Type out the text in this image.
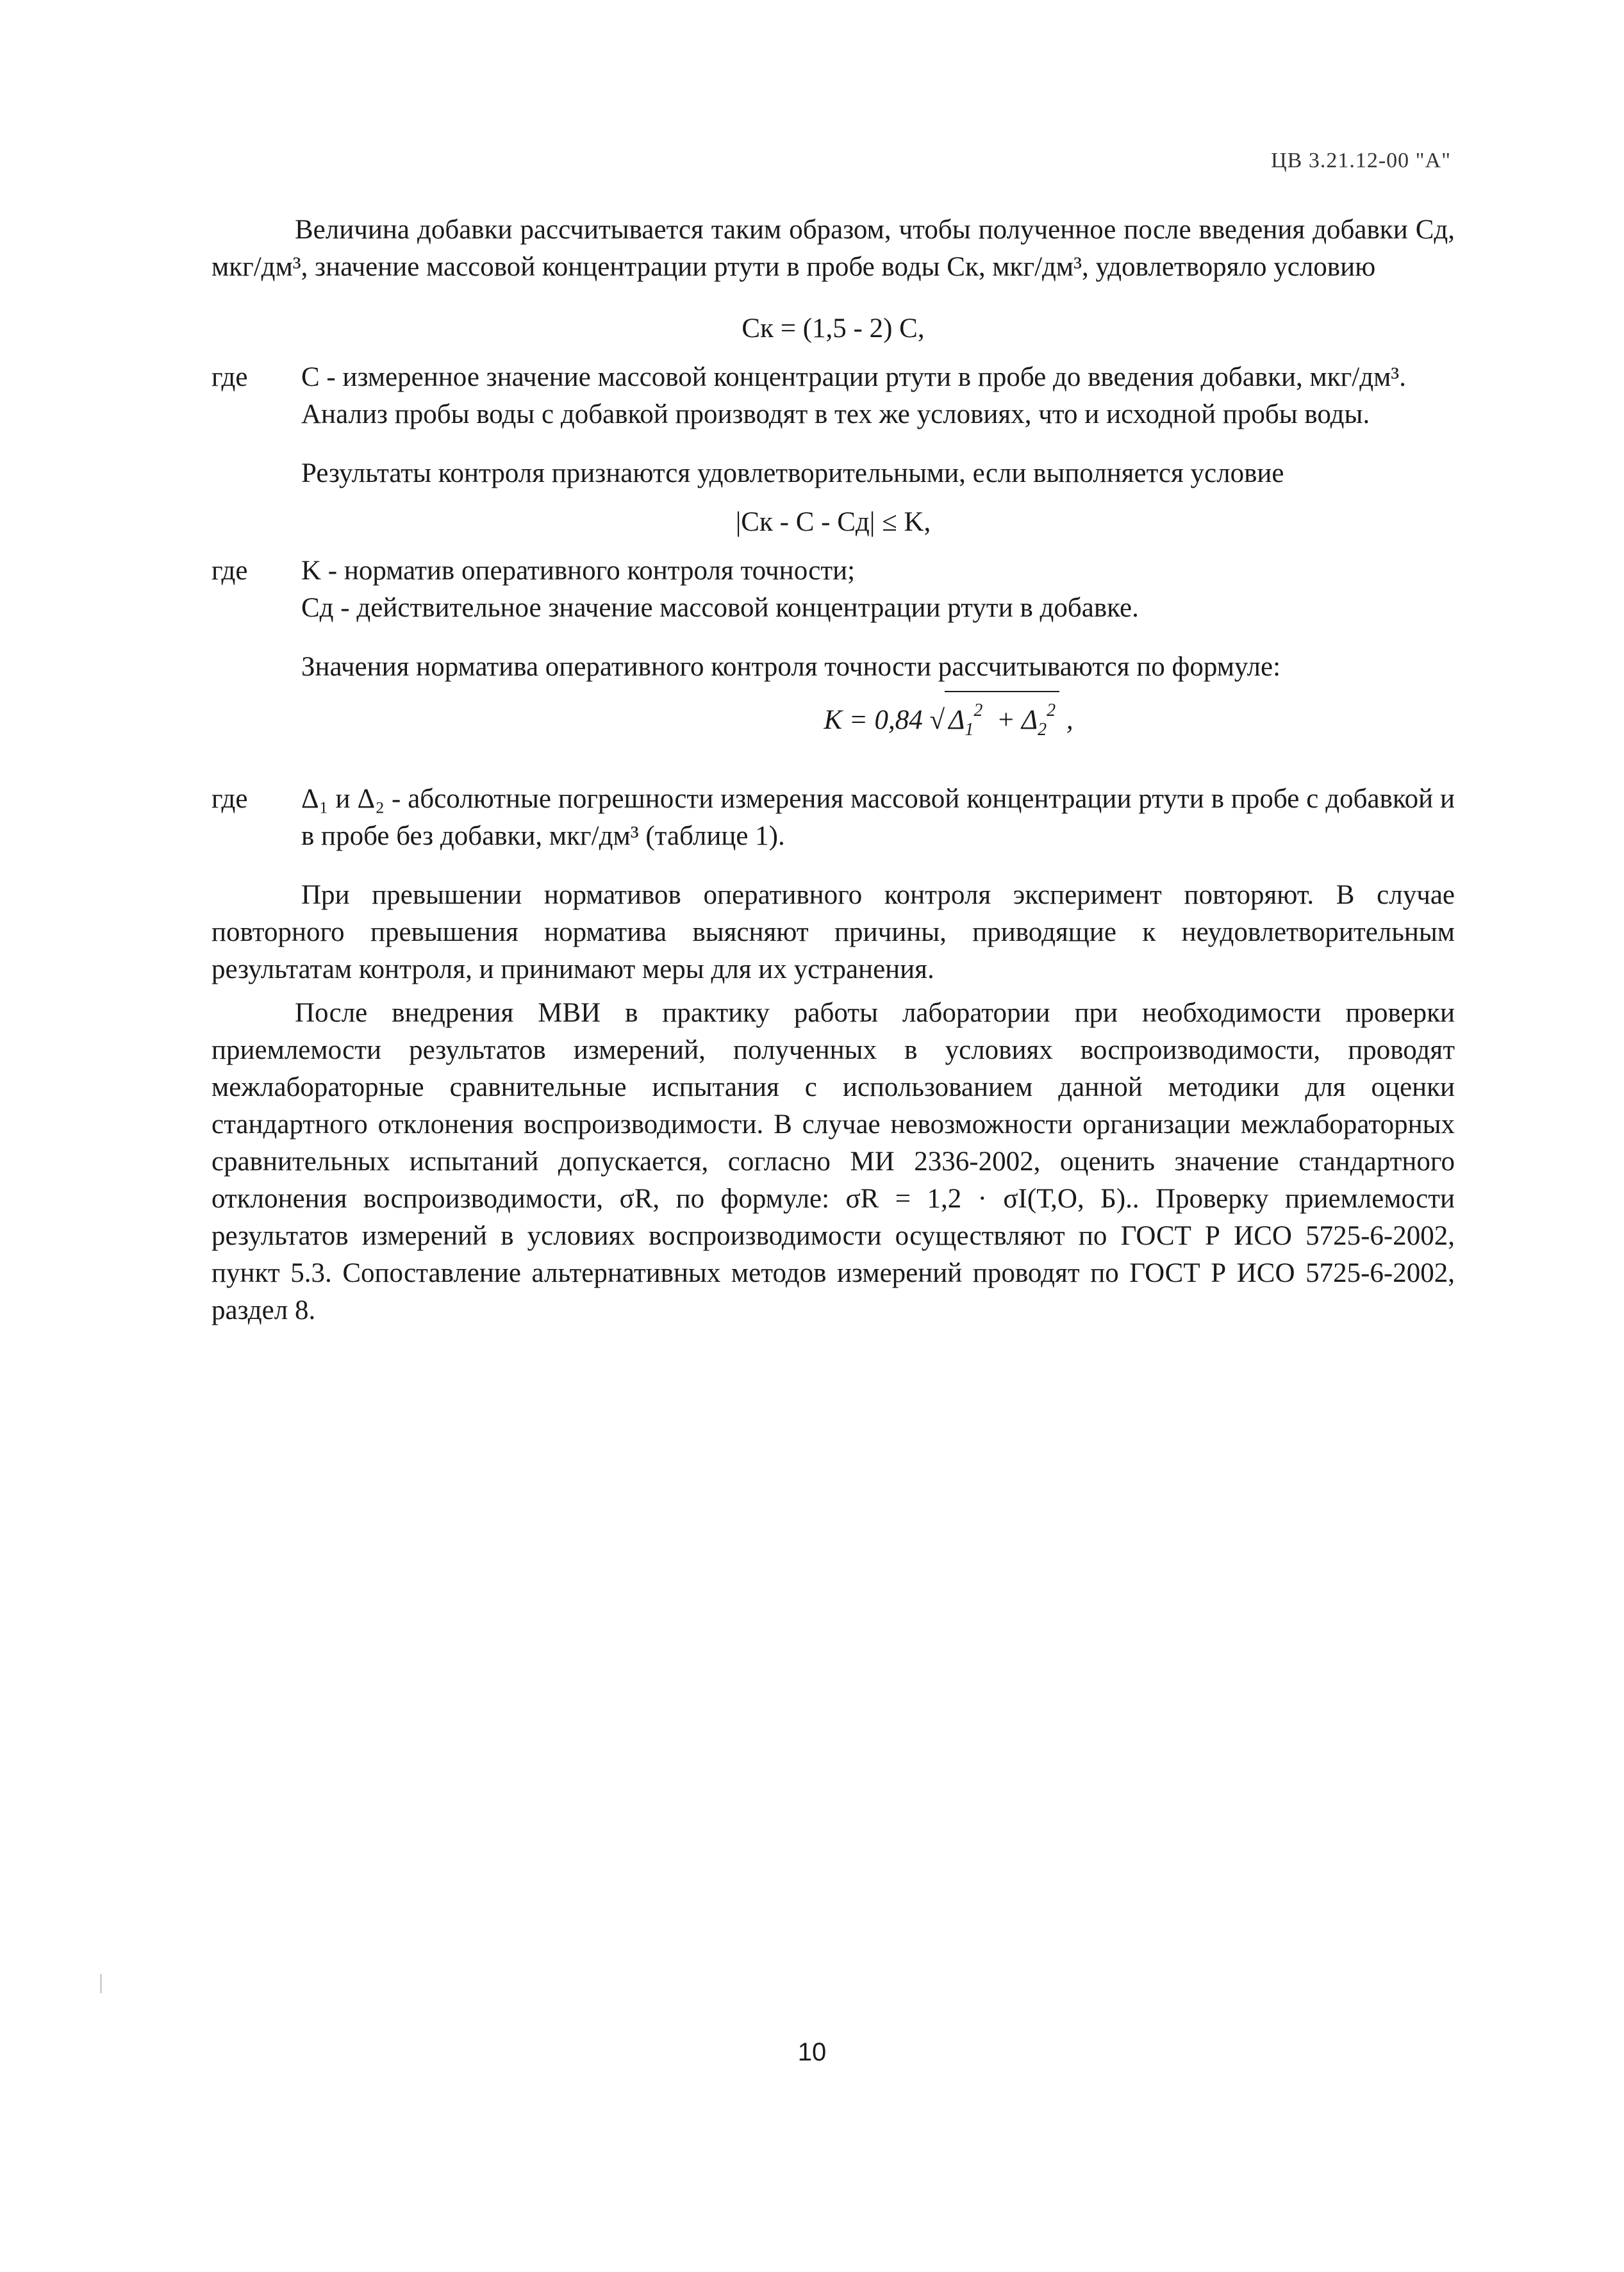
ЦВ 3.21.12-00 "А"

Величина добавки рассчитывается таким образом, чтобы полученное после введения добавки Сд, мкг/дм³, значение массовой концентрации ртути в пробе воды Ск, мкг/дм³, удовлетворяло условию

Ск = (1,5 - 2) С,
где	С - измеренное значение массовой концентрации ртути в пробе до введения добавки, мкг/дм³.

Анализ пробы воды с добавкой производят в тех же условиях, что и исходной пробы воды.

Результаты контроля признаются удовлетворительными, если выполняется условие

|Ск - С - Сд| ≤ K,
где	K - норматив оперативного контроля точности;
Сд - действительное значение массовой концентрации ртути в добавке.

Значения норматива оперативного контроля точности рассчитываются по формуле:

K = 0,84 √ $\Delta_1^2 + \Delta_2^2$ ,
где	Δ₁ и Δ₂ - абсолютные погрешности измерения массовой концентрации ртути в пробе с добавкой и в пробе без добавки, мкг/дм³ (таблице 1).

При превышении нормативов оперативного контроля эксперимент повторяют. В случае повторного превышения норматива выясняют причины, приводящие к неудовлетворительным результатам контроля, и принимают меры для их устранения.

После внедрения МВИ в практику работы лаборатории при необходимости проверки приемлемости результатов измерений, полученных в условиях воспроизводимости, проводят межлабораторные сравнительные испытания с использованием данной методики для оценки стандартного отклонения воспроизводимости. В случае невозможности организации межлабораторных сравнительных испытаний допускается, согласно МИ 2336-2002, оценить значение стандартного отклонения воспроизводимости, σR, по формуле: σR = 1,2 · σI(Т,О, Б).. Проверку приемлемости результатов измерений в условиях воспроизводимости осуществляют по ГОСТ Р ИСО 5725-6-2002, пункт 5.3. Сопоставление альтернативных методов измерений проводят по ГОСТ Р ИСО 5725-6-2002, раздел 8.

10
